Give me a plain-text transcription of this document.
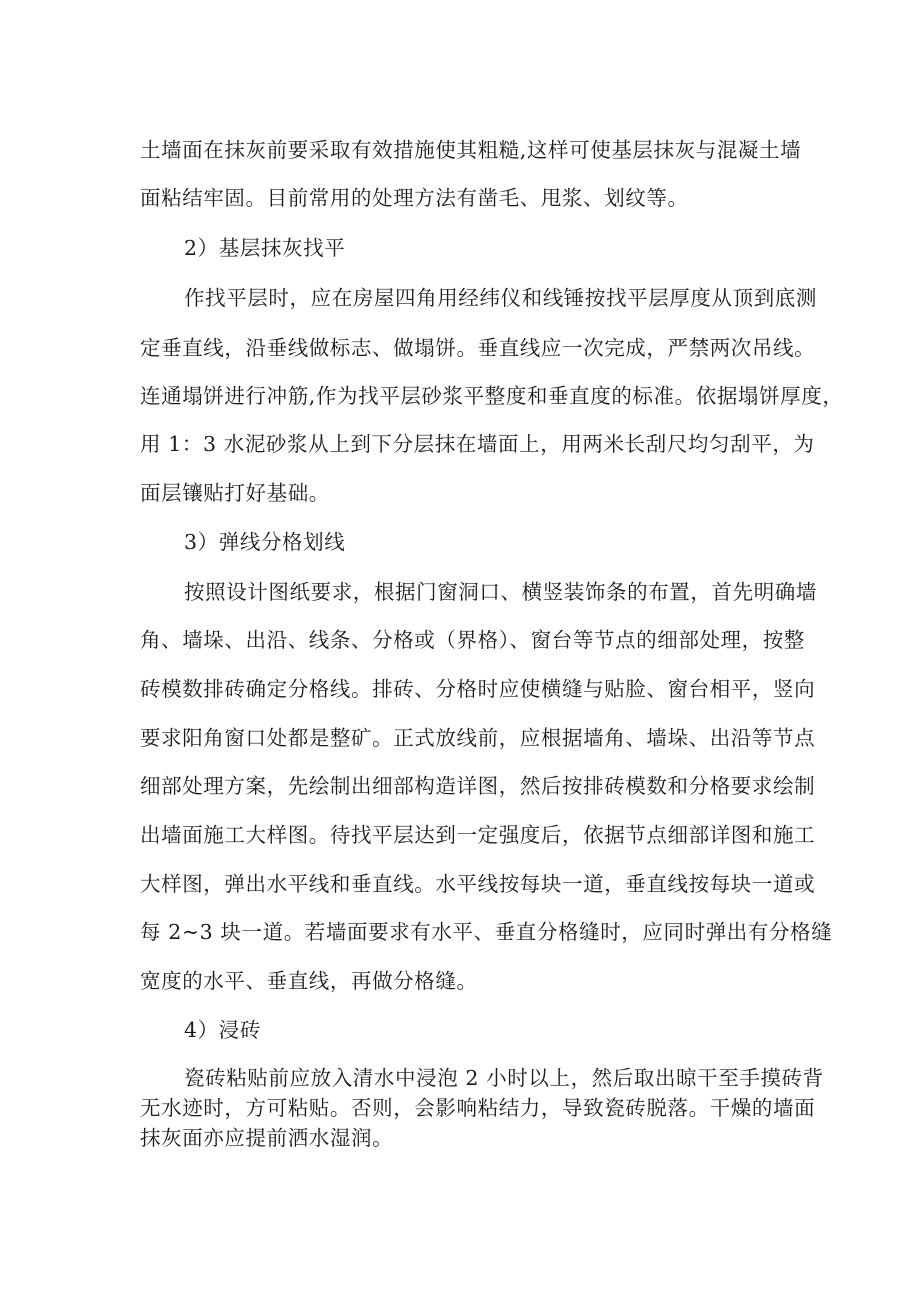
土墙面在抹灰前要采取有效措施使其粗糙,这样可使基层抹灰与混凝土墙
面粘结牢固。目前常用的处理方法有凿毛、甩浆、划纹等。
2）基层抹灰找平
作找平层时，应在房屋四角用经纬仪和线锤按找平层厚度从顶到底测
定垂直线，沿垂线做标志、做塌饼。垂直线应一次完成，严禁两次吊线。
连通塌饼进行冲筋,作为找平层砂浆平整度和垂直度的标准。依据塌饼厚度，
用 1：3 水泥砂浆从上到下分层抹在墙面上，用两米长刮尺均匀刮平，为
面层镶贴打好基础。
3）弹线分格划线
按照设计图纸要求，根据门窗洞口、横竖装饰条的布置，首先明确墙
角、墙垛、出沿、线条、分格或（界格）、窗台等节点的细部处理，按整
砖模数排砖确定分格线。排砖、分格时应使横缝与贴脸、窗台相平，竖向
要求阳角窗口处都是整矿。正式放线前，应根据墙角、墙垛、出沿等节点
细部处理方案，先绘制出细部构造详图，然后按排砖模数和分格要求绘制
出墙面施工大样图。待找平层达到一定强度后，依据节点细部详图和施工
大样图，弹出水平线和垂直线。水平线按每块一道，垂直线按每块一道或
每 2~3 块一道。若墙面要求有水平、垂直分格缝时，应同时弹出有分格缝
宽度的水平、垂直线，再做分格缝。
4）浸砖
瓷砖粘贴前应放入清水中浸泡 2 小时以上，然后取出晾干至手摸砖背
无水迹时，方可粘贴。否则，会影响粘结力，导致瓷砖脱落。干燥的墙面
抹灰面亦应提前洒水湿润。
